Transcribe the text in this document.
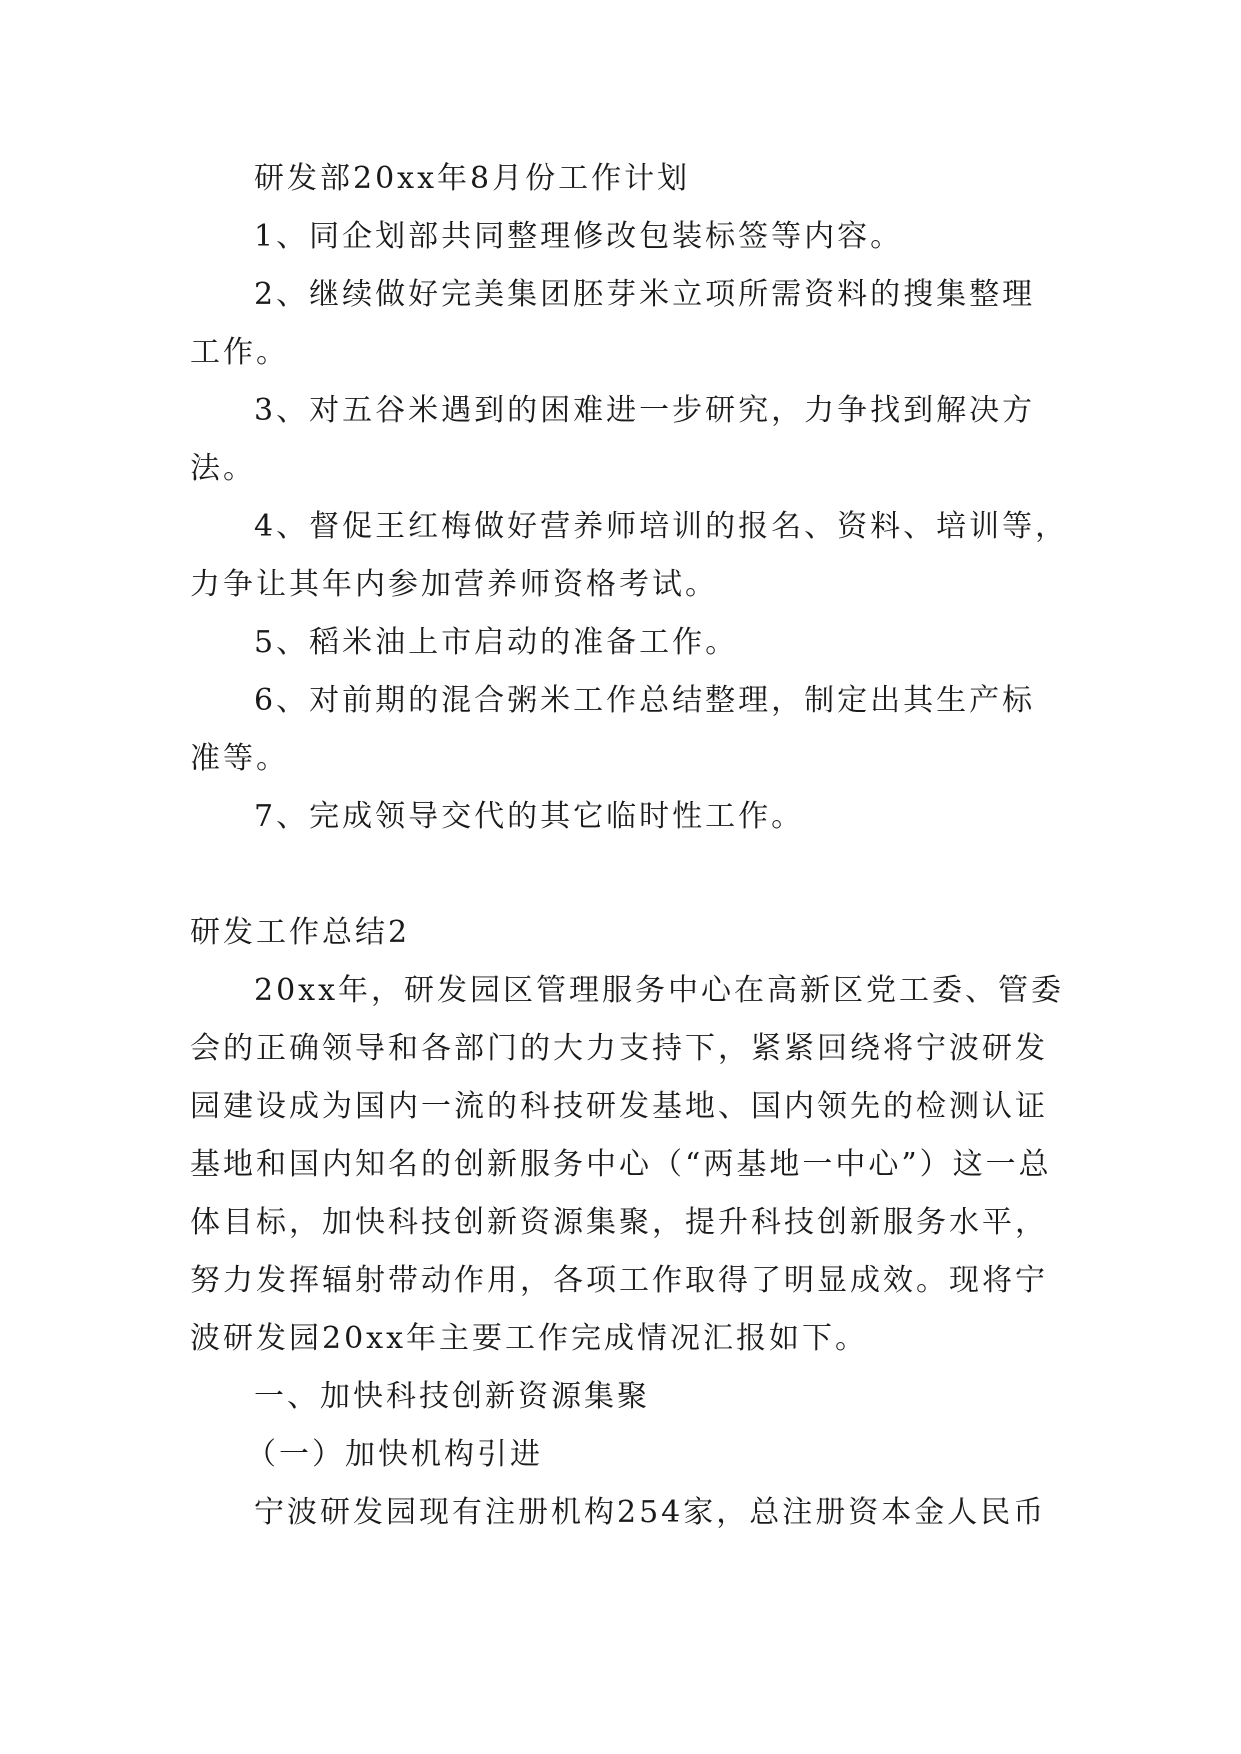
研发部20xx年8月份工作计划
1、同企划部共同整理修改包装标签等内容。
2、继续做好完美集团胚芽米立项所需资料的搜集整理
工作。
3、对五谷米遇到的困难进一步研究，力争找到解决方
法。
4、督促王红梅做好营养师培训的报名、资料、培训等，
力争让其年内参加营养师资格考试。
5、稻米油上市启动的准备工作。
6、对前期的混合粥米工作总结整理，制定出其生产标
准等。
7、完成领导交代的其它临时性工作。
研发工作总结2
20xx年，研发园区管理服务中心在高新区党工委、管委
会的正确领导和各部门的大力支持下，紧紧回绕将宁波研发
园建设成为国内一流的科技研发基地、国内领先的检测认证
基地和国内知名的创新服务中心（“两基地一中心”）这一总
体目标，加快科技创新资源集聚，提升科技创新服务水平，
努力发挥辐射带动作用，各项工作取得了明显成效。现将宁
波研发园20xx年主要工作完成情况汇报如下。
一、加快科技创新资源集聚
（一）加快机构引进
宁波研发园现有注册机构254家，总注册资本金人民币
